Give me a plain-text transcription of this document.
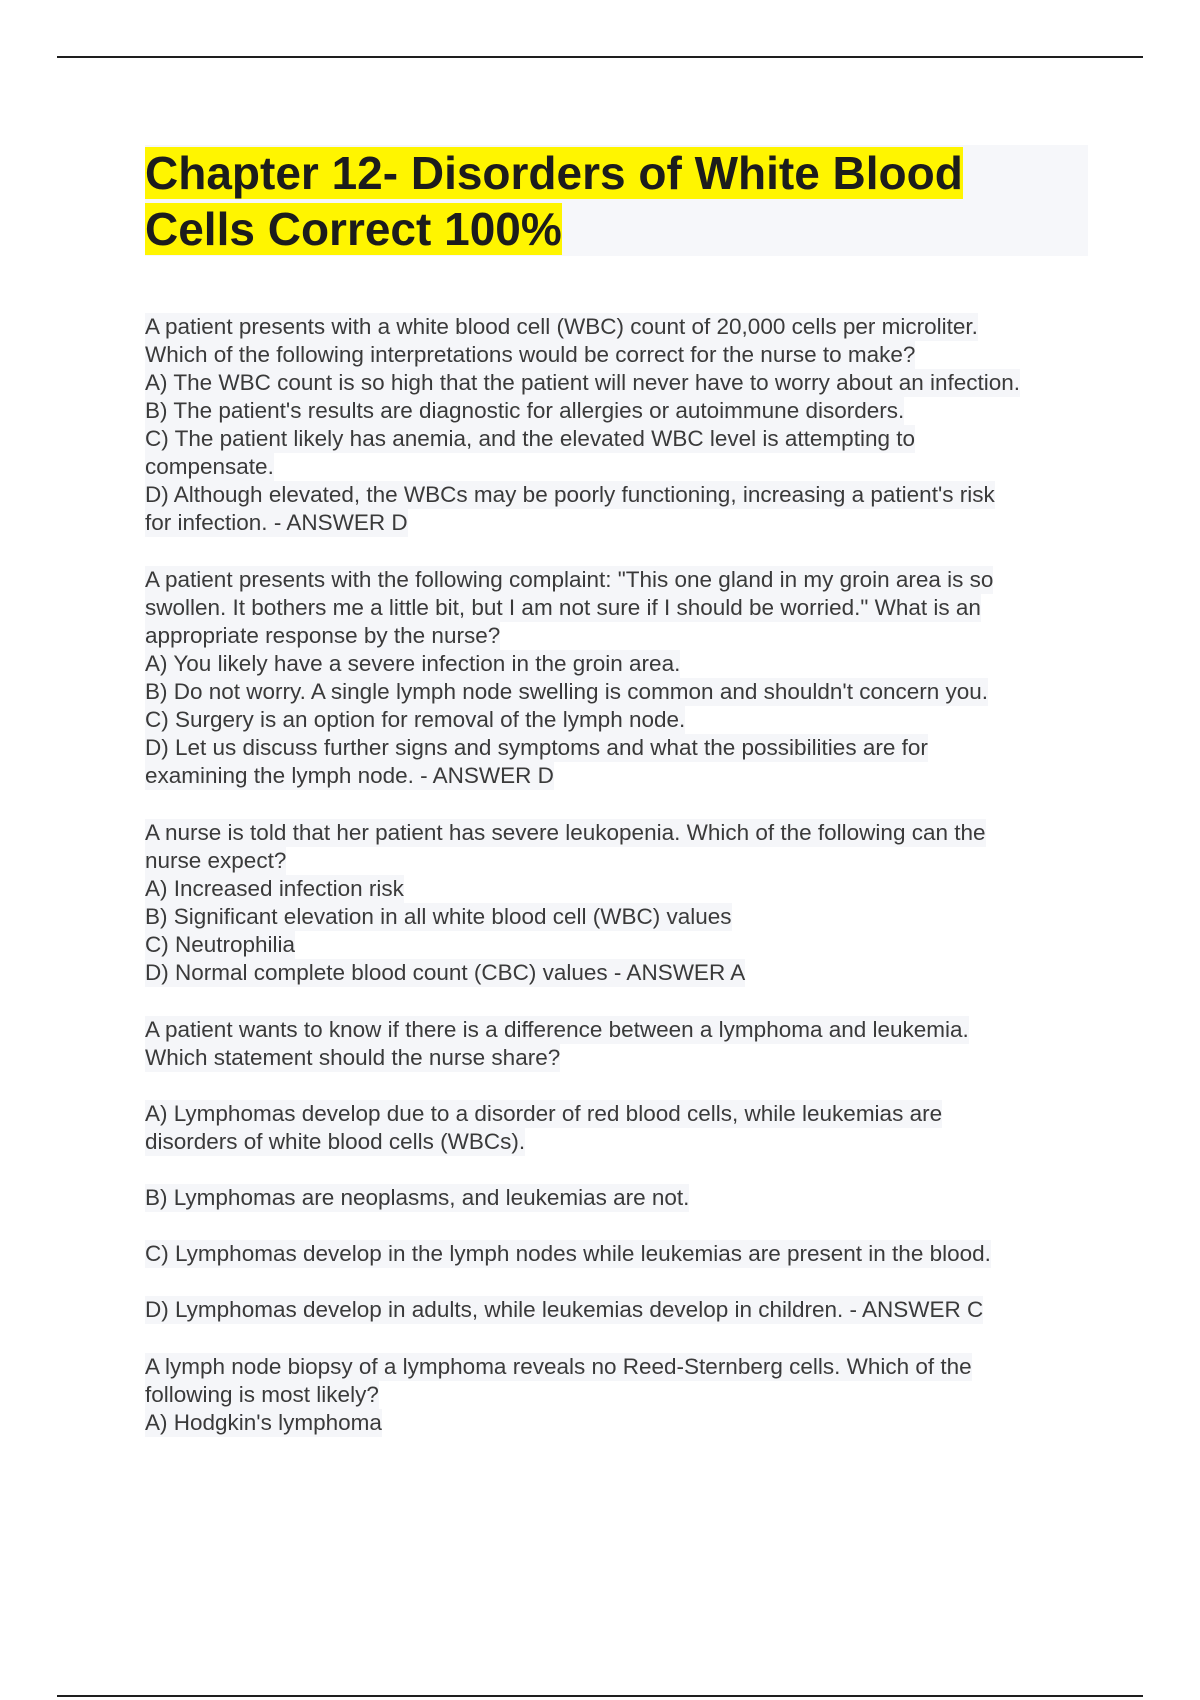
Chapter 12- Disorders of White Blood Cells Correct 100%
A patient presents with a white blood cell (WBC) count of 20,000 cells per microliter.
Which of the following interpretations would be correct for the nurse to make?
A) The WBC count is so high that the patient will never have to worry about an infection.
B) The patient's results are diagnostic for allergies or autoimmune disorders.
C) The patient likely has anemia, and the elevated WBC level is attempting to
compensate.
D) Although elevated, the WBCs may be poorly functioning, increasing a patient's risk
for infection. - ANSWER D
A patient presents with the following complaint: "This one gland in my groin area is so
swollen. It bothers me a little bit, but I am not sure if I should be worried." What is an
appropriate response by the nurse?
A) You likely have a severe infection in the groin area.
B) Do not worry. A single lymph node swelling is common and shouldn't concern you.
C) Surgery is an option for removal of the lymph node.
D) Let us discuss further signs and symptoms and what the possibilities are for
examining the lymph node. - ANSWER D
A nurse is told that her patient has severe leukopenia. Which of the following can the
nurse expect?
A) Increased infection risk
B) Significant elevation in all white blood cell (WBC) values
C) Neutrophilia
D) Normal complete blood count (CBC) values - ANSWER A
A patient wants to know if there is a difference between a lymphoma and leukemia.
Which statement should the nurse share?
A) Lymphomas develop due to a disorder of red blood cells, while leukemias are
disorders of white blood cells (WBCs).
B) Lymphomas are neoplasms, and leukemias are not.
C) Lymphomas develop in the lymph nodes while leukemias are present in the blood.
D) Lymphomas develop in adults, while leukemias develop in children. - ANSWER C
A lymph node biopsy of a lymphoma reveals no Reed-Sternberg cells. Which of the
following is most likely?
A) Hodgkin's lymphoma
